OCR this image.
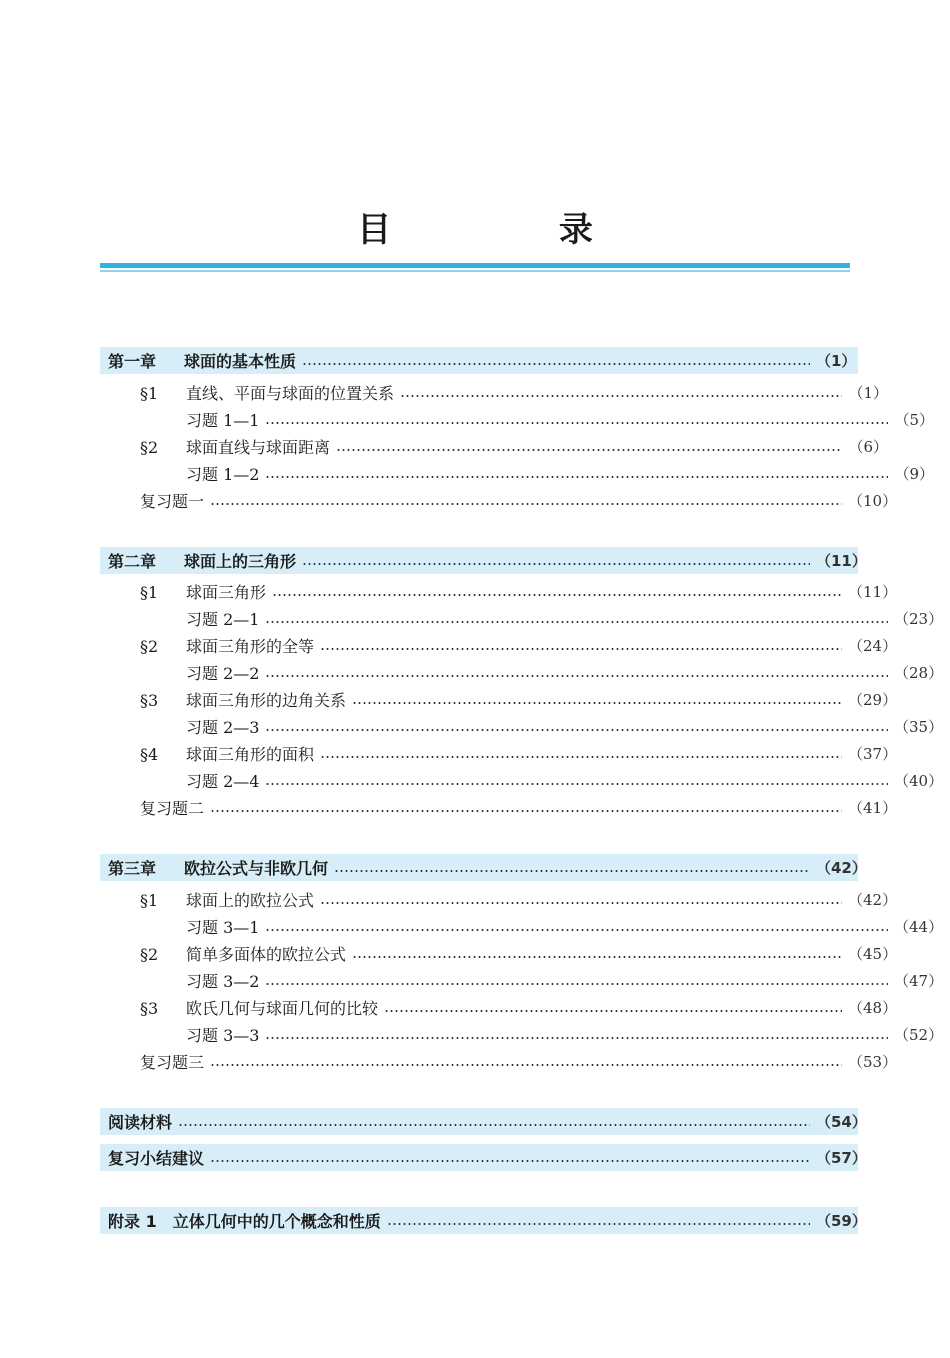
目 录
第一章 球面的基本性质	（1）
§1 直线、平面与球面的位置关系	（1）
习题 1—1	（5）
§2 球面直线与球面距离	（6）
习题 1—2	（9）
复习题一	（10）
第二章 球面上的三角形	（11）
§1 球面三角形	（11）
习题 2—1	（23）
§2 球面三角形的全等	（24）
习题 2—2	（28）
§3 球面三角形的边角关系	（29）
习题 2—3	（35）
§4 球面三角形的面积	（37）
习题 2—4	（40）
复习题二	（41）
第三章 欧拉公式与非欧几何	（42）
§1 球面上的欧拉公式	（42）
习题 3—1	（44）
§2 简单多面体的欧拉公式	（45）
习题 3—2	（47）
§3 欧氏几何与球面几何的比较	（48）
习题 3—3	（52）
复习题三	（53）
阅读材料	（54）
复习小结建议	（57）
附录 1　立体几何中的几个概念和性质	（59）
